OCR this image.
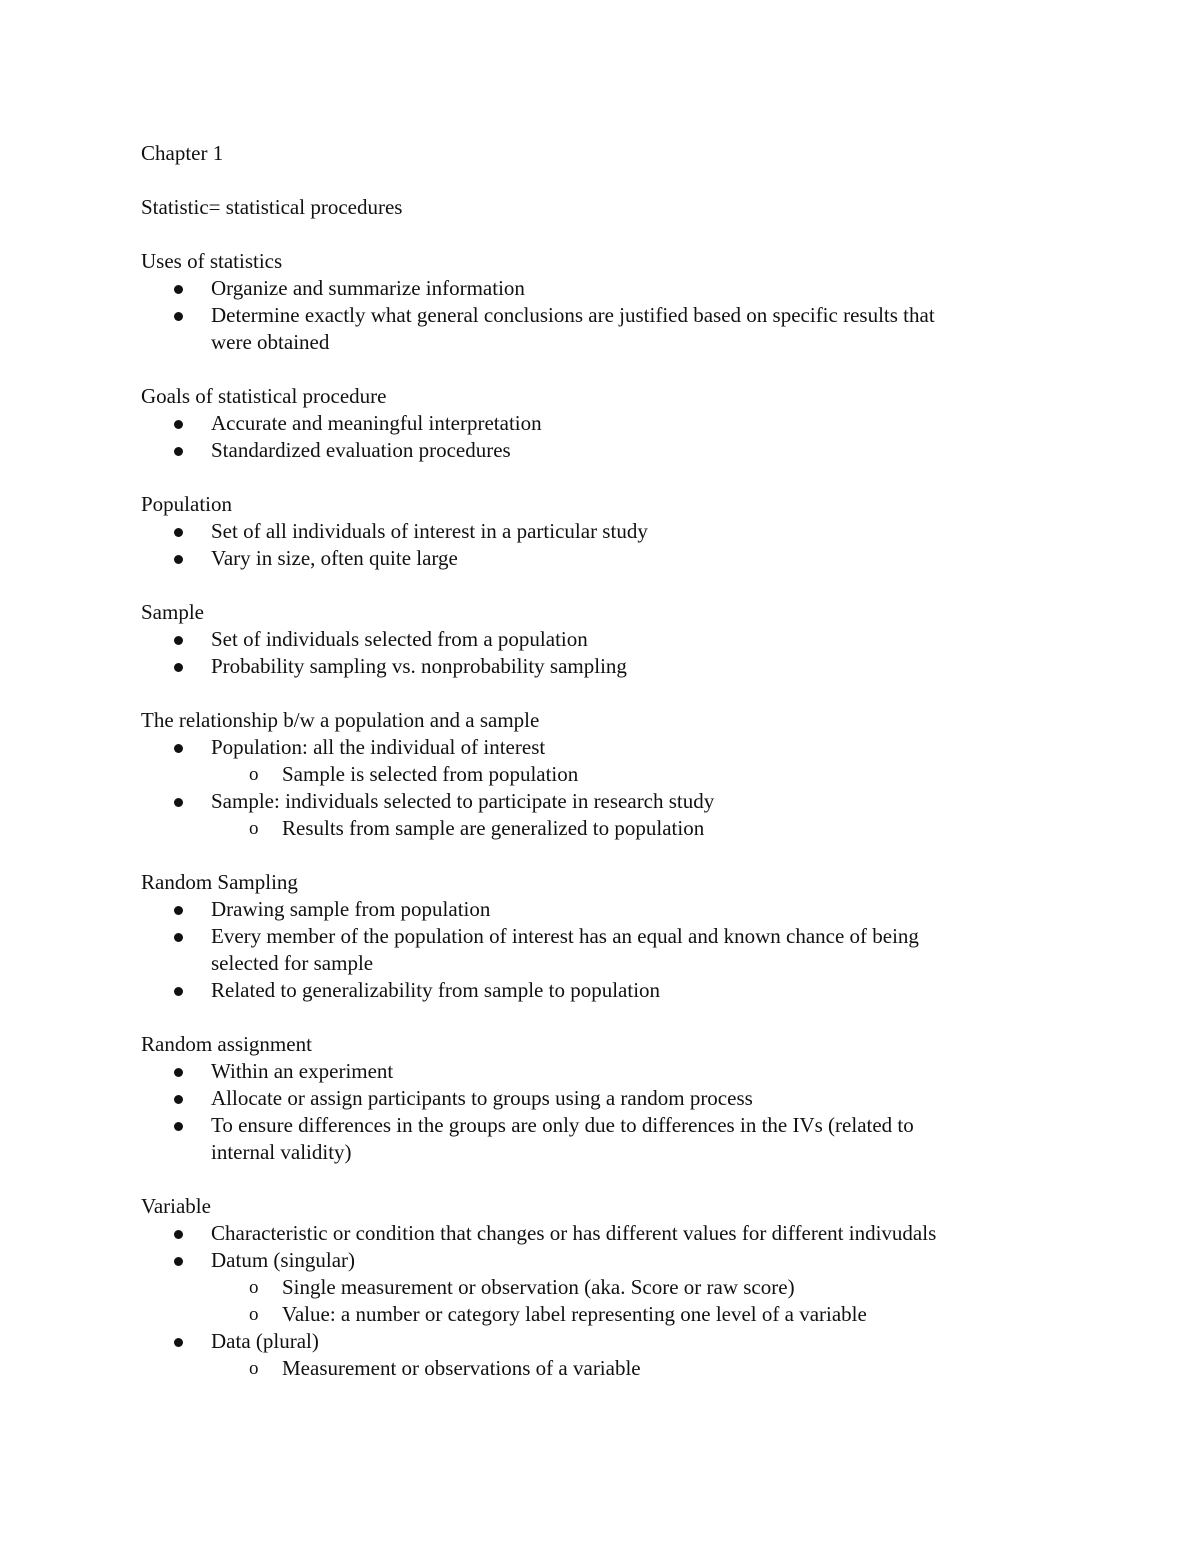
Chapter 1
Statistic= statistical procedures
Uses of statistics
Organize and summarize information
Determine exactly what general conclusions are justified based on specific results that
were obtained
Goals of statistical procedure
Accurate and meaningful interpretation
Standardized evaluation procedures
Population
Set of all individuals of interest in a particular study
Vary in size, often quite large
Sample
Set of individuals selected from a population
Probability sampling vs. nonprobability sampling
The relationship b/w a population and a sample
Population: all the individual of interest
o Sample is selected from population
Sample: individuals selected to participate in research study
o Results from sample are generalized to population
Random Sampling
Drawing sample from population
Every member of the population of interest has an equal and known chance of being
selected for sample
Related to generalizability from sample to population
Random assignment
Within an experiment
Allocate or assign participants to groups using a random process
To ensure differences in the groups are only due to differences in the IVs (related to
internal validity)
Variable
Characteristic or condition that changes or has different values for different indivudals
Datum (singular)
o Single measurement or observation (aka. Score or raw score)
o Value: a number or category label representing one level of a variable
Data (plural)
o Measurement or observations of a variable
